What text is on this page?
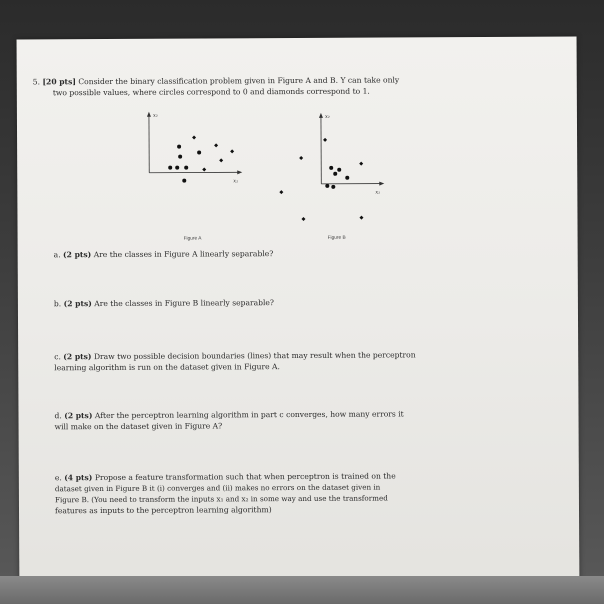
5. [20 pts] Consider the binary classification problem given in Figure A and B. Y can take only
two possible values, where circles correspond to 0 and diamonds correspond to 1.
x₂
x₁
Figure A
x₂
x₁
Figure B
a. (2 pts) Are the classes in Figure A linearly separable?
b. (2 pts) Are the classes in Figure B linearly separable?
c. (2 pts) Draw two possible decision boundaries (lines) that may result when the perceptron
learning algorithm is run on the dataset given in Figure A.
d. (2 pts) After the perceptron learning algorithm in part c converges, how many errors it
will make on the dataset given in Figure A?
e. (4 pts) Propose a feature transformation such that when perceptron is trained on the
dataset given in Figure B it (i) converges and (ii) makes no errors on the dataset given in
Figure B. (You need to transform the inputs x₁ and x₂ in some way and use the transformed
features as inputs to the perceptron learning algorithm)
